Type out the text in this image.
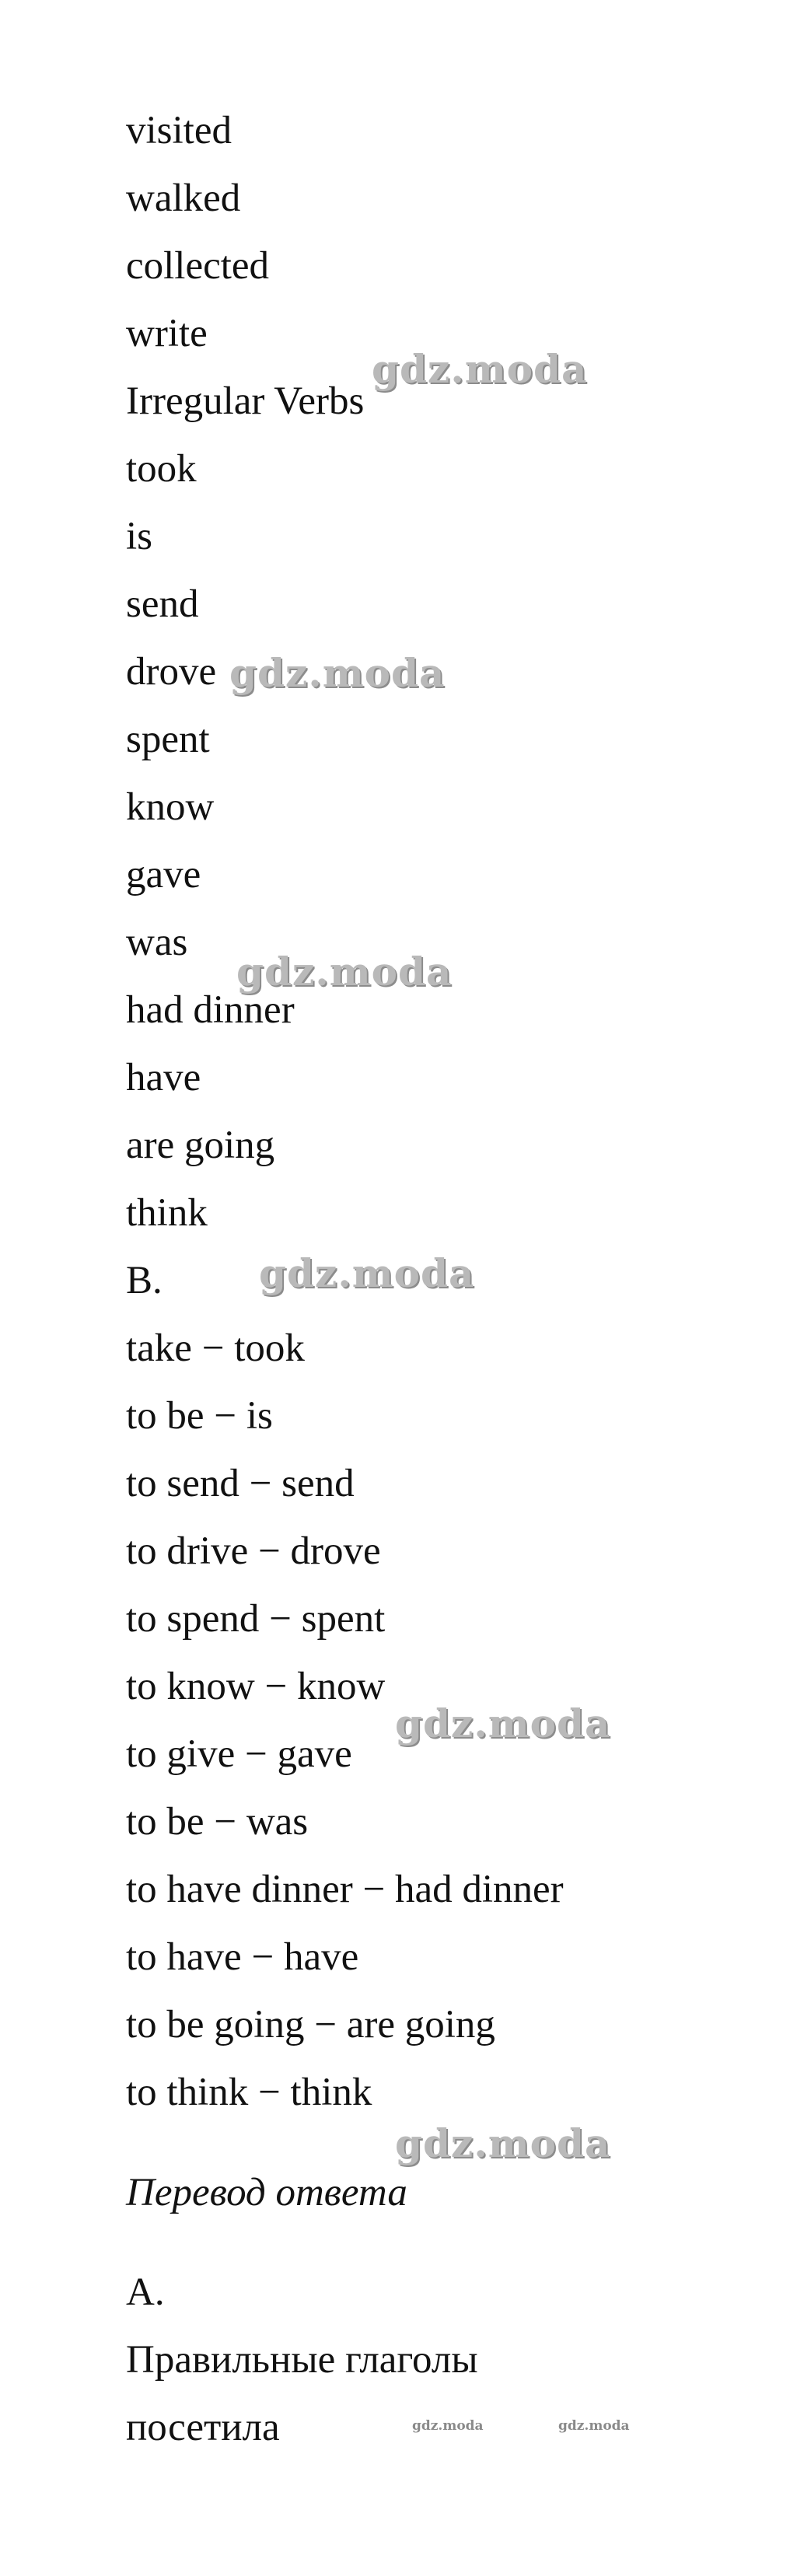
visited
walked
collected
write
Irregular Verbs
took
is
send
drove
spent
know
gave
was
had dinner
have
are going
think
B.
take − took
to be − is
to send − send
to drive − drove
to spend − spent
to know − know
to give − gave
to be − was
to have dinner − had dinner
to have − have
to be going − are going
to think − think
Перевод ответа
A.
Правильные глаголы
посетила
gdz.moda
gdz.moda
gdz.moda
gdz.moda
gdz.moda
gdz.moda
gdz.moda	gdz.moda
